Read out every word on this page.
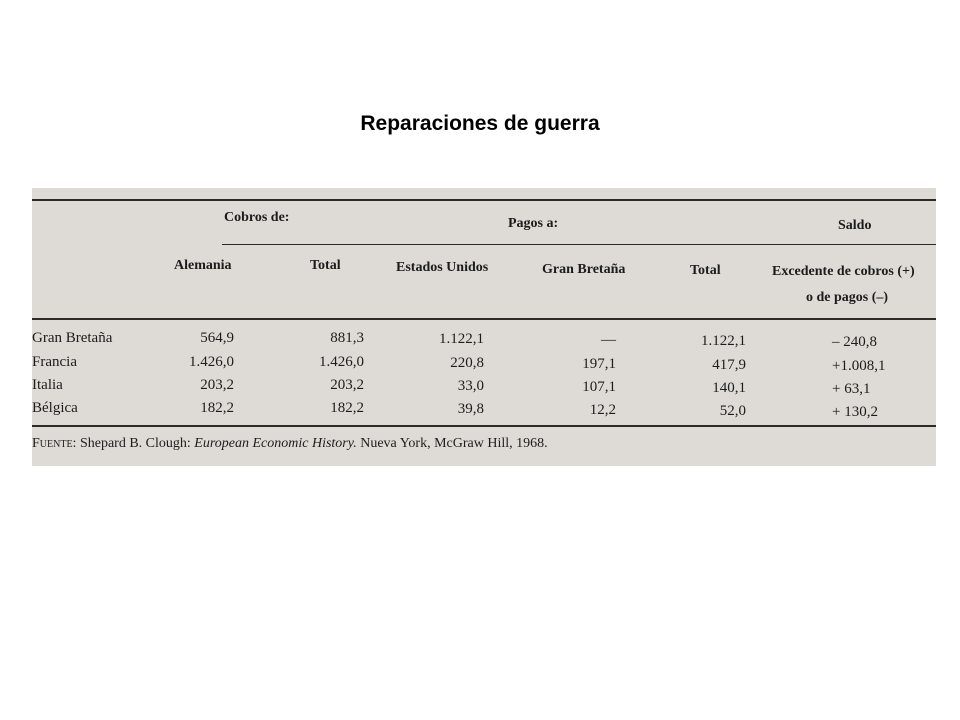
Reparaciones de guerra

Cobros de:	Pagos a:	Saldo
Alemania	Total	Estados Unidos	Gran Bretaña	Total	Excedente de cobros (+)
o de pagos (–)
Gran Bretaña	564,9	881,3	1.122,1	—	1.122,1	– 240,8
Francia	1.426,0	1.426,0	220,8	197,1	417,9	+1.008,1
Italia	203,2	203,2	33,0	107,1	140,1	+ 63,1
Bélgica	182,2	182,2	39,8	12,2	52,0	+ 130,2
Fuente: Shepard B. Clough: European Economic History. Nueva York, McGraw Hill, 1968.
